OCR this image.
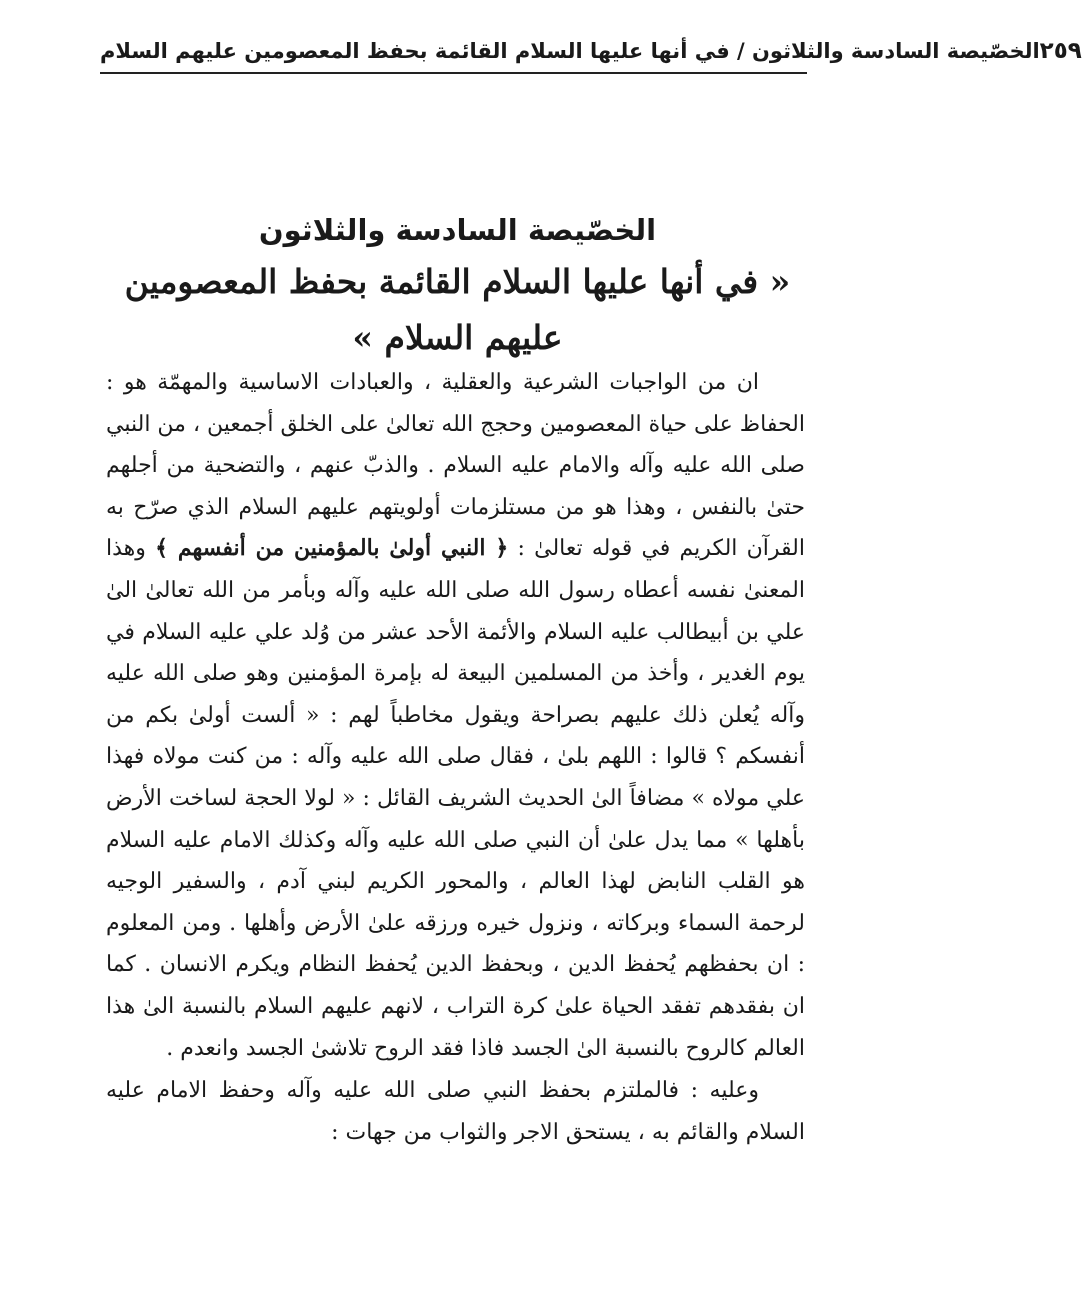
الخصّيصة السادسة والثلاثون / في أنها عليها السلام القائمة بحفظ المعصومين عليهم السلام ٢٥٩
الخصّيصة السادسة والثلاثون
« في أنها عليها السلام القائمة بحفظ المعصومين عليهم السلام »

ان من الواجبات الشرعية والعقلية ، والعبادات الاساسية والمهمّة هو : الحفاظ على حياة المعصومين وحجج الله تعالىٰ على الخلق أجمعين ، من النبي صلى الله عليه وآله والامام عليه السلام . والذبّ عنهم ، والتضحية من أجلهم حتىٰ بالنفس ، وهذا هو من مستلزمات أولويتهم عليهم السلام الذي صرّح به القرآن الكريم في قوله تعالىٰ : ﴿ النبي أولىٰ بالمؤمنين من أنفسهم ﴾ وهذا المعنىٰ نفسه أعطاه رسول الله صلى الله عليه وآله وبأمر من الله تعالىٰ الىٰ علي بن أبيطالب عليه السلام والأئمة الأحد عشر من وُلد علي عليه السلام في يوم الغدير ، وأخذ من المسلمين البيعة له بإمرة المؤمنين وهو صلى الله عليه وآله يُعلن ذلك عليهم بصراحة ويقول مخاطباً لهم : « ألست أولىٰ بكم من أنفسكم ؟ قالوا : اللهم بلىٰ ، فقال صلى الله عليه وآله : من كنت مولاه فهذا علي مولاه » مضافاً الىٰ الحديث الشريف القائل : « لولا الحجة لساخت الأرض بأهلها » مما يدل علىٰ أن النبي صلى الله عليه وآله وكذلك الامام عليه السلام هو القلب النابض لهذا العالم ، والمحور الكريم لبني آدم ، والسفير الوجيه لرحمة السماء وبركاته ، ونزول خيره ورزقه علىٰ الأرض وأهلها . ومن المعلوم : ان بحفظهم يُحفظ الدين ، وبحفظ الدين يُحفظ النظام ويكرم الانسان . كما ان بفقدهم تفقد الحياة علىٰ كرة التراب ، لانهم عليهم السلام بالنسبة الىٰ هذا العالم كالروح بالنسبة الىٰ الجسد فاذا فقد الروح تلاشىٰ الجسد وانعدم .

وعليه : فالملتزم بحفظ النبي صلى الله عليه وآله وحفظ الامام عليه السلام والقائم به ، يستحق الاجر والثواب من جهات :
